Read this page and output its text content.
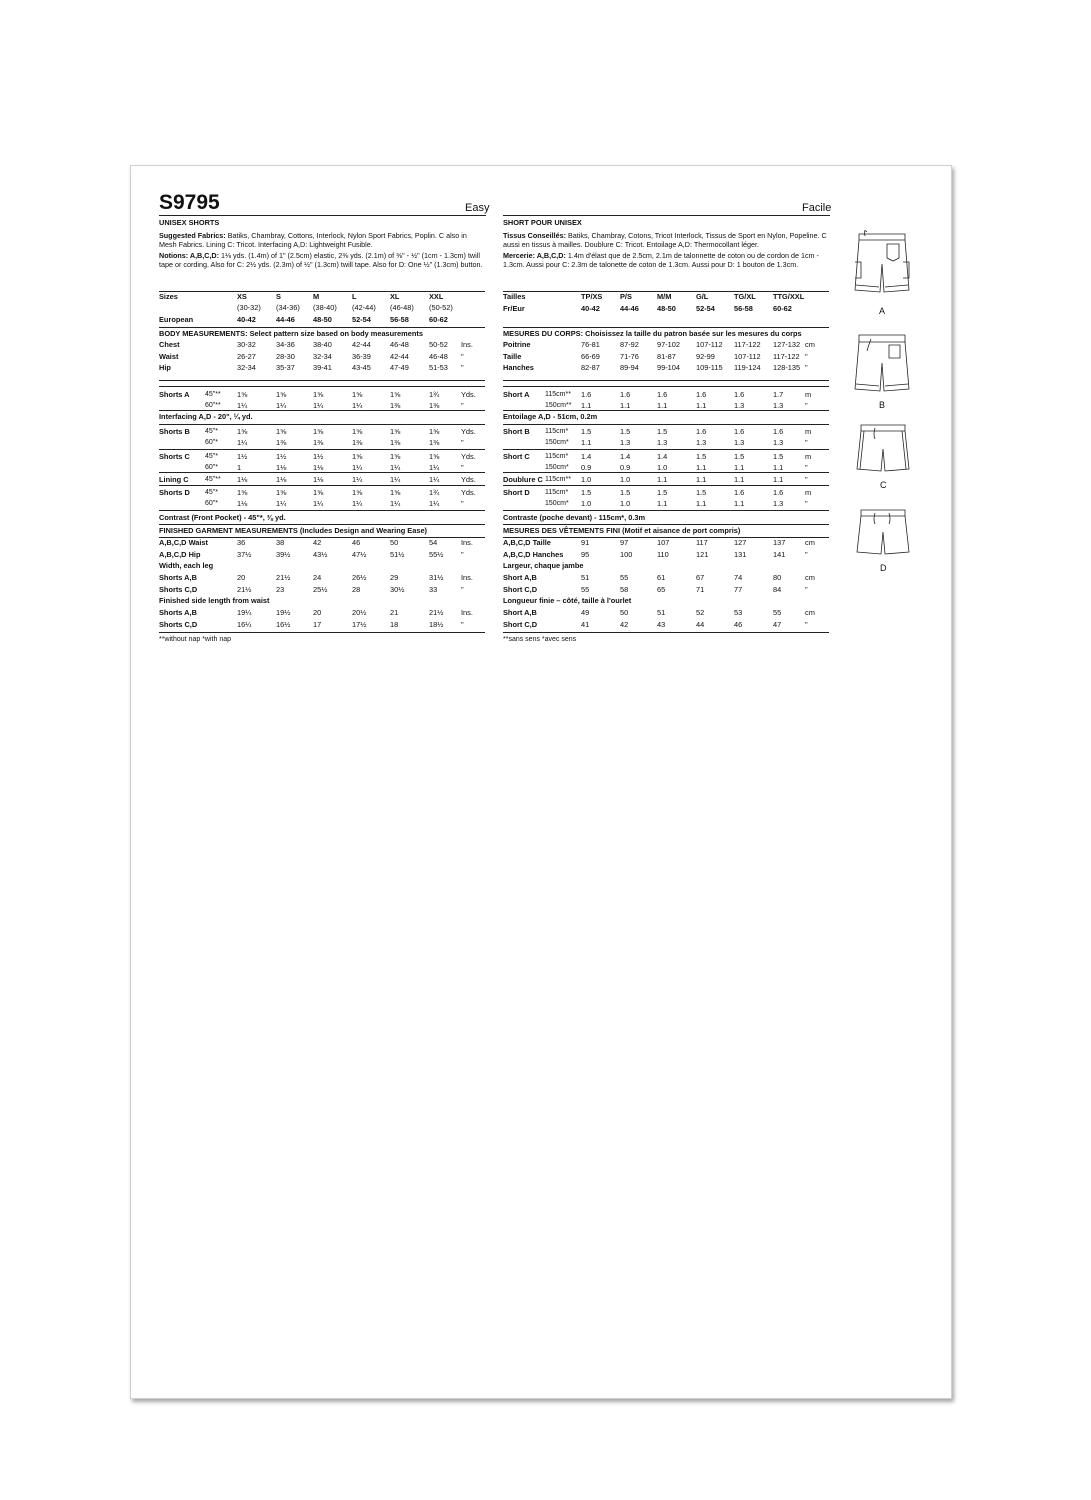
S9795	Easy
UNISEX SHORTS
Suggested Fabrics: Batiks, Chambray, Cottons, Interlock, Nylon Sport Fabrics, Poplin. C also in Mesh Fabrics. Lining C: Tricot. Interfacing A,D: Lightweight Fusible.
Notions: A,B,C,D: 1⅛ yds. (1.4m) of 1" (2.5cm) elastic, 2⅜ yds. (2.1m) of ⅜" - ½" (1cm - 1.3cm) twill tape or cording. Also for C: 2½ yds. (2.3m) of ½" (1.3cm) twill tape. Also for D: One ½" (1.3cm) button.
Sizes	XS	S	M	L	XL	XXL
(30-32) (34-36) (38-40) (42-44) (46-48) (50-52)
European	40-42	44-46 48-50	52-54	56-58	60-62
BODY MEASUREMENTS: Select pattern size based on body measurements
Chest	30-32	34-36 38-40	42-44	46-48	50-52 Ins.
Waist	26-27	28-30 32-34	36-39	42-44	46-48 "
Hip	32-34	35-37 39-41	43-45	47-49	51-53 "
Shorts A 45"** 1⅝	1⅝	1⅝	1⅝	1⅝	1¾	Yds.
60"** 1¼	1¼	1¼	1¼	1⅜	1⅜	"
Interfacing A,D - 20", ¼ yd.
Shorts B 45"*	1⅝	1⅝	1⅝	1⅝	1⅝	1⅝	Yds.
60"*	1¼	1⅜	1⅜	1⅜	1⅜	1⅜	"
Shorts C 45"*	1½	1½	1½	1⅝	1⅝	1⅝	Yds.
60"*	1	1⅛	1⅛	1¼	1¼	1¼	"
Lining C 45"** 1⅛	1⅛	1⅛	1¼	1¼	1¼	Yds.
Shorts D 45"*	1⅝	1⅝	1⅝	1⅝	1⅝	1¾	Yds.
60"*	1⅛	1¼	1¼	1¼	1¼	1¼	"
Contrast (Front Pocket) - 45"*, ⅜ yd.
FINISHED GARMENT MEASUREMENTS (Includes Design and Wearing Ease)
A,B,C,D Waist	36	38	42	46	50	54	Ins.
A,B,C,D Hip	37½	39½	43½	47½	51½	55½ "
Width, each leg
Shorts A,B	20	21½	24	26½	29	31½ Ins.
Shorts C,D	21½	23	25½	28	30½	33	"
Finished side length from waist
Shorts A,B	19¼	19½	20	20½	21	21½ Ins.
Shorts C,D	16¼	16½	17	17½	18	18½ "
**without nap *with nap
Facile
SHORT POUR UNISEX
Tissus Conseillés: Batiks, Chambray, Cotons, Tricot Interlock, Tissus de Sport en Nylon, Popeline. C aussi en tissus à mailles. Doublure C: Tricot. Entoilage A,D: Thermocollant léger.
Mercerie: A,B,C,D: 1.4m d'élast que de 2.5cm, 2.1m de talonnette de coton ou de cordon de 1cm - 1.3cm. Aussi pour C: 2.3m de talonette de coton de 1.3cm. Aussi pour D: 1 bouton de 1.3cm.
Tailles	TP/XS P/S	M/M	G/L	TG/XL TTG/XXL
Fr/Eur	40-42	44-46 48-50	52-54	56-58	60-62
MESURES DU CORPS: Choisissez la taille du patron basée sur les mesures du corps
Poitrine	76-81	87-92 97-102 107-112 117-122 127-132 cm
Taille	66-69	71-76 81-87	92-99	107-112 117-122 "
Hanches	82-87	89-94 99-104 109-115 119-124 128-135 "
Short A 115cm** 1.6	1.6	1.6	1.6	1.6	1.7	m
150cm** 1.1	1.1	1.1	1.1	1.3	1.3	"
Entoilage A,D - 51cm, 0.2m
Short B 115cm* 1.5	1.5	1.5	1.6	1.6	1.6	m
150cm* 1.1	1.3	1.3	1.3	1.3	1.3	"
Short C 115cm* 1.4	1.4	1.4	1.5	1.5	1.5	m
150cm* 0.9	0.9	1.0	1.1	1.1	1.1	"
Doublure C 115cm** 1.0	1.0	1.1	1.1	1.1	1.1	"
Short D 115cm* 1.5	1.5	1.5	1.5	1.6	1.6	m
150cm* 1.0	1.0	1.1	1.1	1.1	1.3	"
Contraste (poche devant) - 115cm*, 0.3m
MESURES DES VÊTEMENTS FINI (Motif et aisance de port compris)
A,B,C,D Taille	91	97	107	117	127	137	cm
A,B,C,D Hanches 95	100	110	121	131	141	"
Largeur, chaque jambe
Short A,B	51	55	61	67	74	80	cm
Short C,D	55	58	65	71	77	84	"
Longueur finie – côté, taille à l'ourlet
Short A,B	49	50	51	52	53	55	cm
Short C,D	41	42	43	44	46	47	"
**sans sens *avec sens
A
B
C
D
